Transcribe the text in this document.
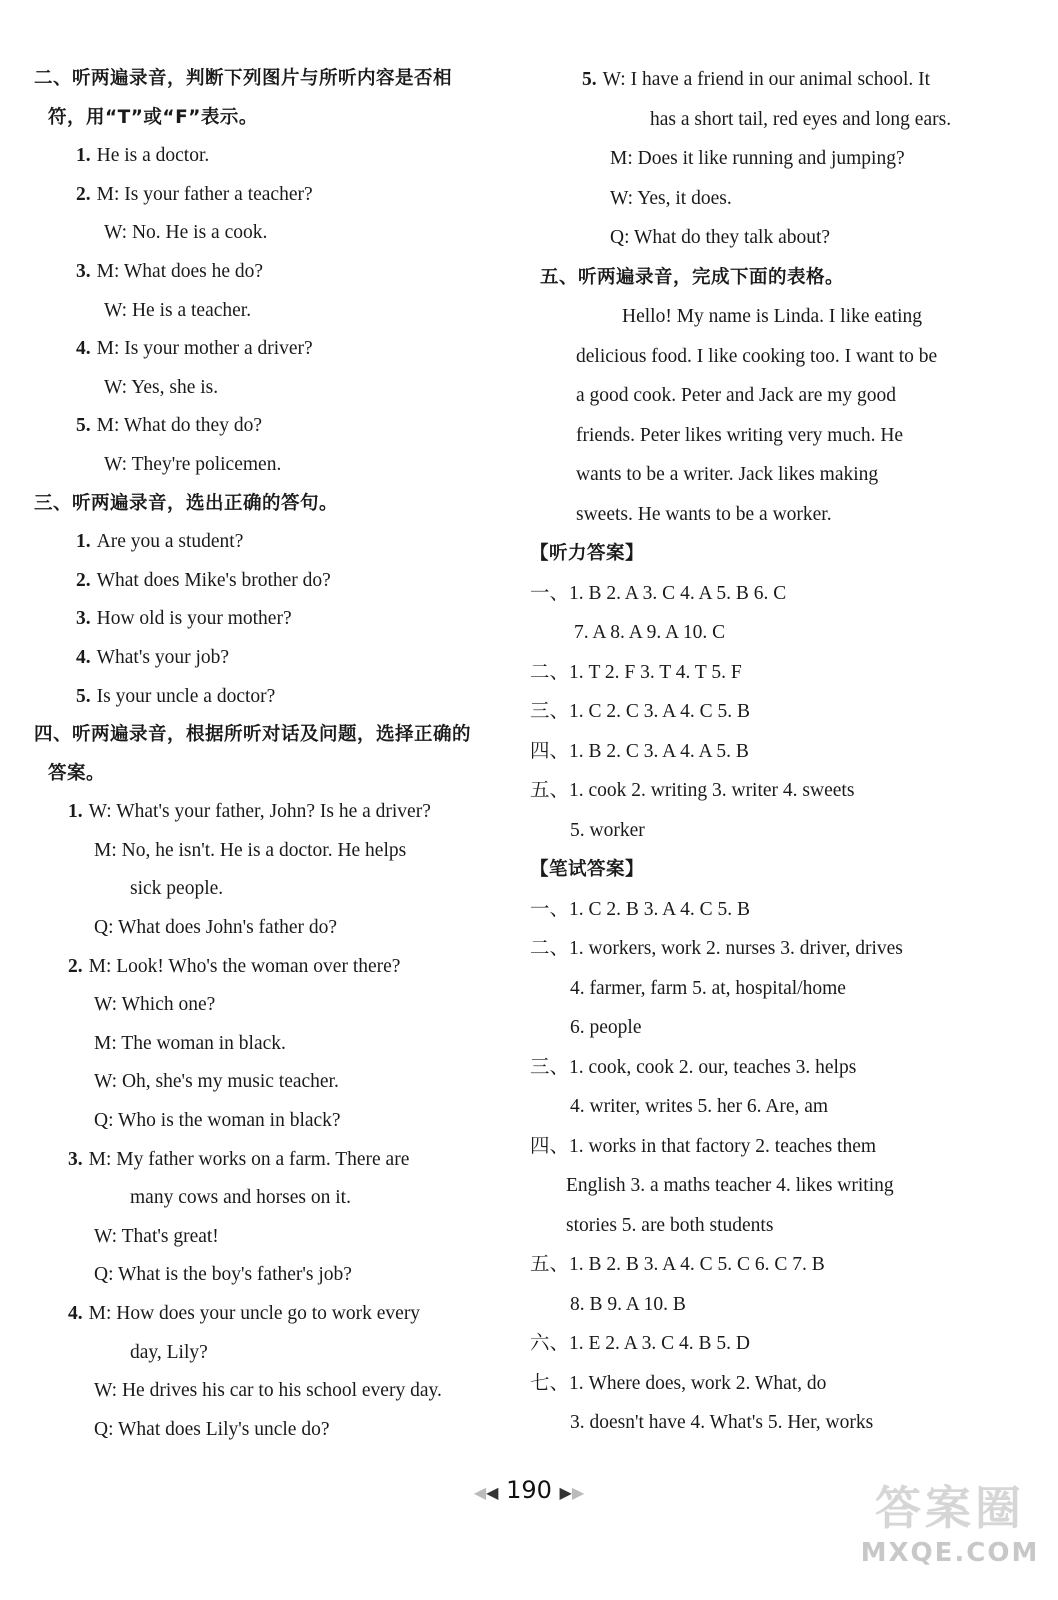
二、听两遍录音，判断下列图片与所听内容是否相
符，用“T”或“F”表示。
1. He is a doctor.
2. M: Is your father a teacher?
W: No. He is a cook.
3. M: What does he do?
W: He is a teacher.
4. M: Is your mother a driver?
W: Yes, she is.
5. M: What do they do?
W: They're policemen.
三、听两遍录音，选出正确的答句。
1. Are you a student?
2. What does Mike's brother do?
3. How old is your mother?
4. What's your job?
5. Is your uncle a doctor?
四、听两遍录音，根据所听对话及问题，选择正确的
答案。
1. W: What's your father, John? Is he a driver?
M: No, he isn't. He is a doctor. He helps
sick people.
Q: What does John's father do?
2. M: Look! Who's the woman over there?
W: Which one?
M: The woman in black.
W: Oh, she's my music teacher.
Q: Who is the woman in black?
3. M: My father works on a farm. There are
many cows and horses on it.
W: That's great!
Q: What is the boy's father's job?
4. M: How does your uncle go to work every
day, Lily?
W: He drives his car to his school every day.
Q: What does Lily's uncle do?
5. W: I have a friend in our animal school. It
has a short tail, red eyes and long ears.
M: Does it like running and jumping?
W: Yes, it does.
Q: What do they talk about?
五、听两遍录音，完成下面的表格。
Hello! My name is Linda. I like eating
delicious food. I like cooking too. I want to be
a good cook. Peter and Jack are my good
friends. Peter likes writing very much. He
wants to be a writer. Jack likes making
sweets. He wants to be a worker.
【听力答案】
一、1. B 2. A 3. C 4. A 5. B 6. C
7. A 8. A 9. A 10. C
二、1. T 2. F 3. T 4. T 5. F
三、1. C 2. C 3. A 4. C 5. B
四、1. B 2. C 3. A 4. A 5. B
五、1. cook 2. writing 3. writer 4. sweets
5. worker
【笔试答案】
一、1. C 2. B 3. A 4. C 5. B
二、1. workers, work 2. nurses 3. driver, drives
4. farmer, farm 5. at, hospital/home
6. people
三、1. cook, cook 2. our, teaches 3. helps
4. writer, writes 5. her 6. Are, am
四、1. works in that factory 2. teaches them
English 3. a maths teacher 4. likes writing
stories 5. are both students
五、1. B 2. B 3. A 4. C 5. C 6. C 7. B
8. B 9. A 10. B
六、1. E 2. A 3. C 4. B 5. D
七、1. Where does, work 2. What, do
3. doesn't have 4. What's 5. Her, works
◀◀ 190 ▶▶	答案圈
MXQE.COM
